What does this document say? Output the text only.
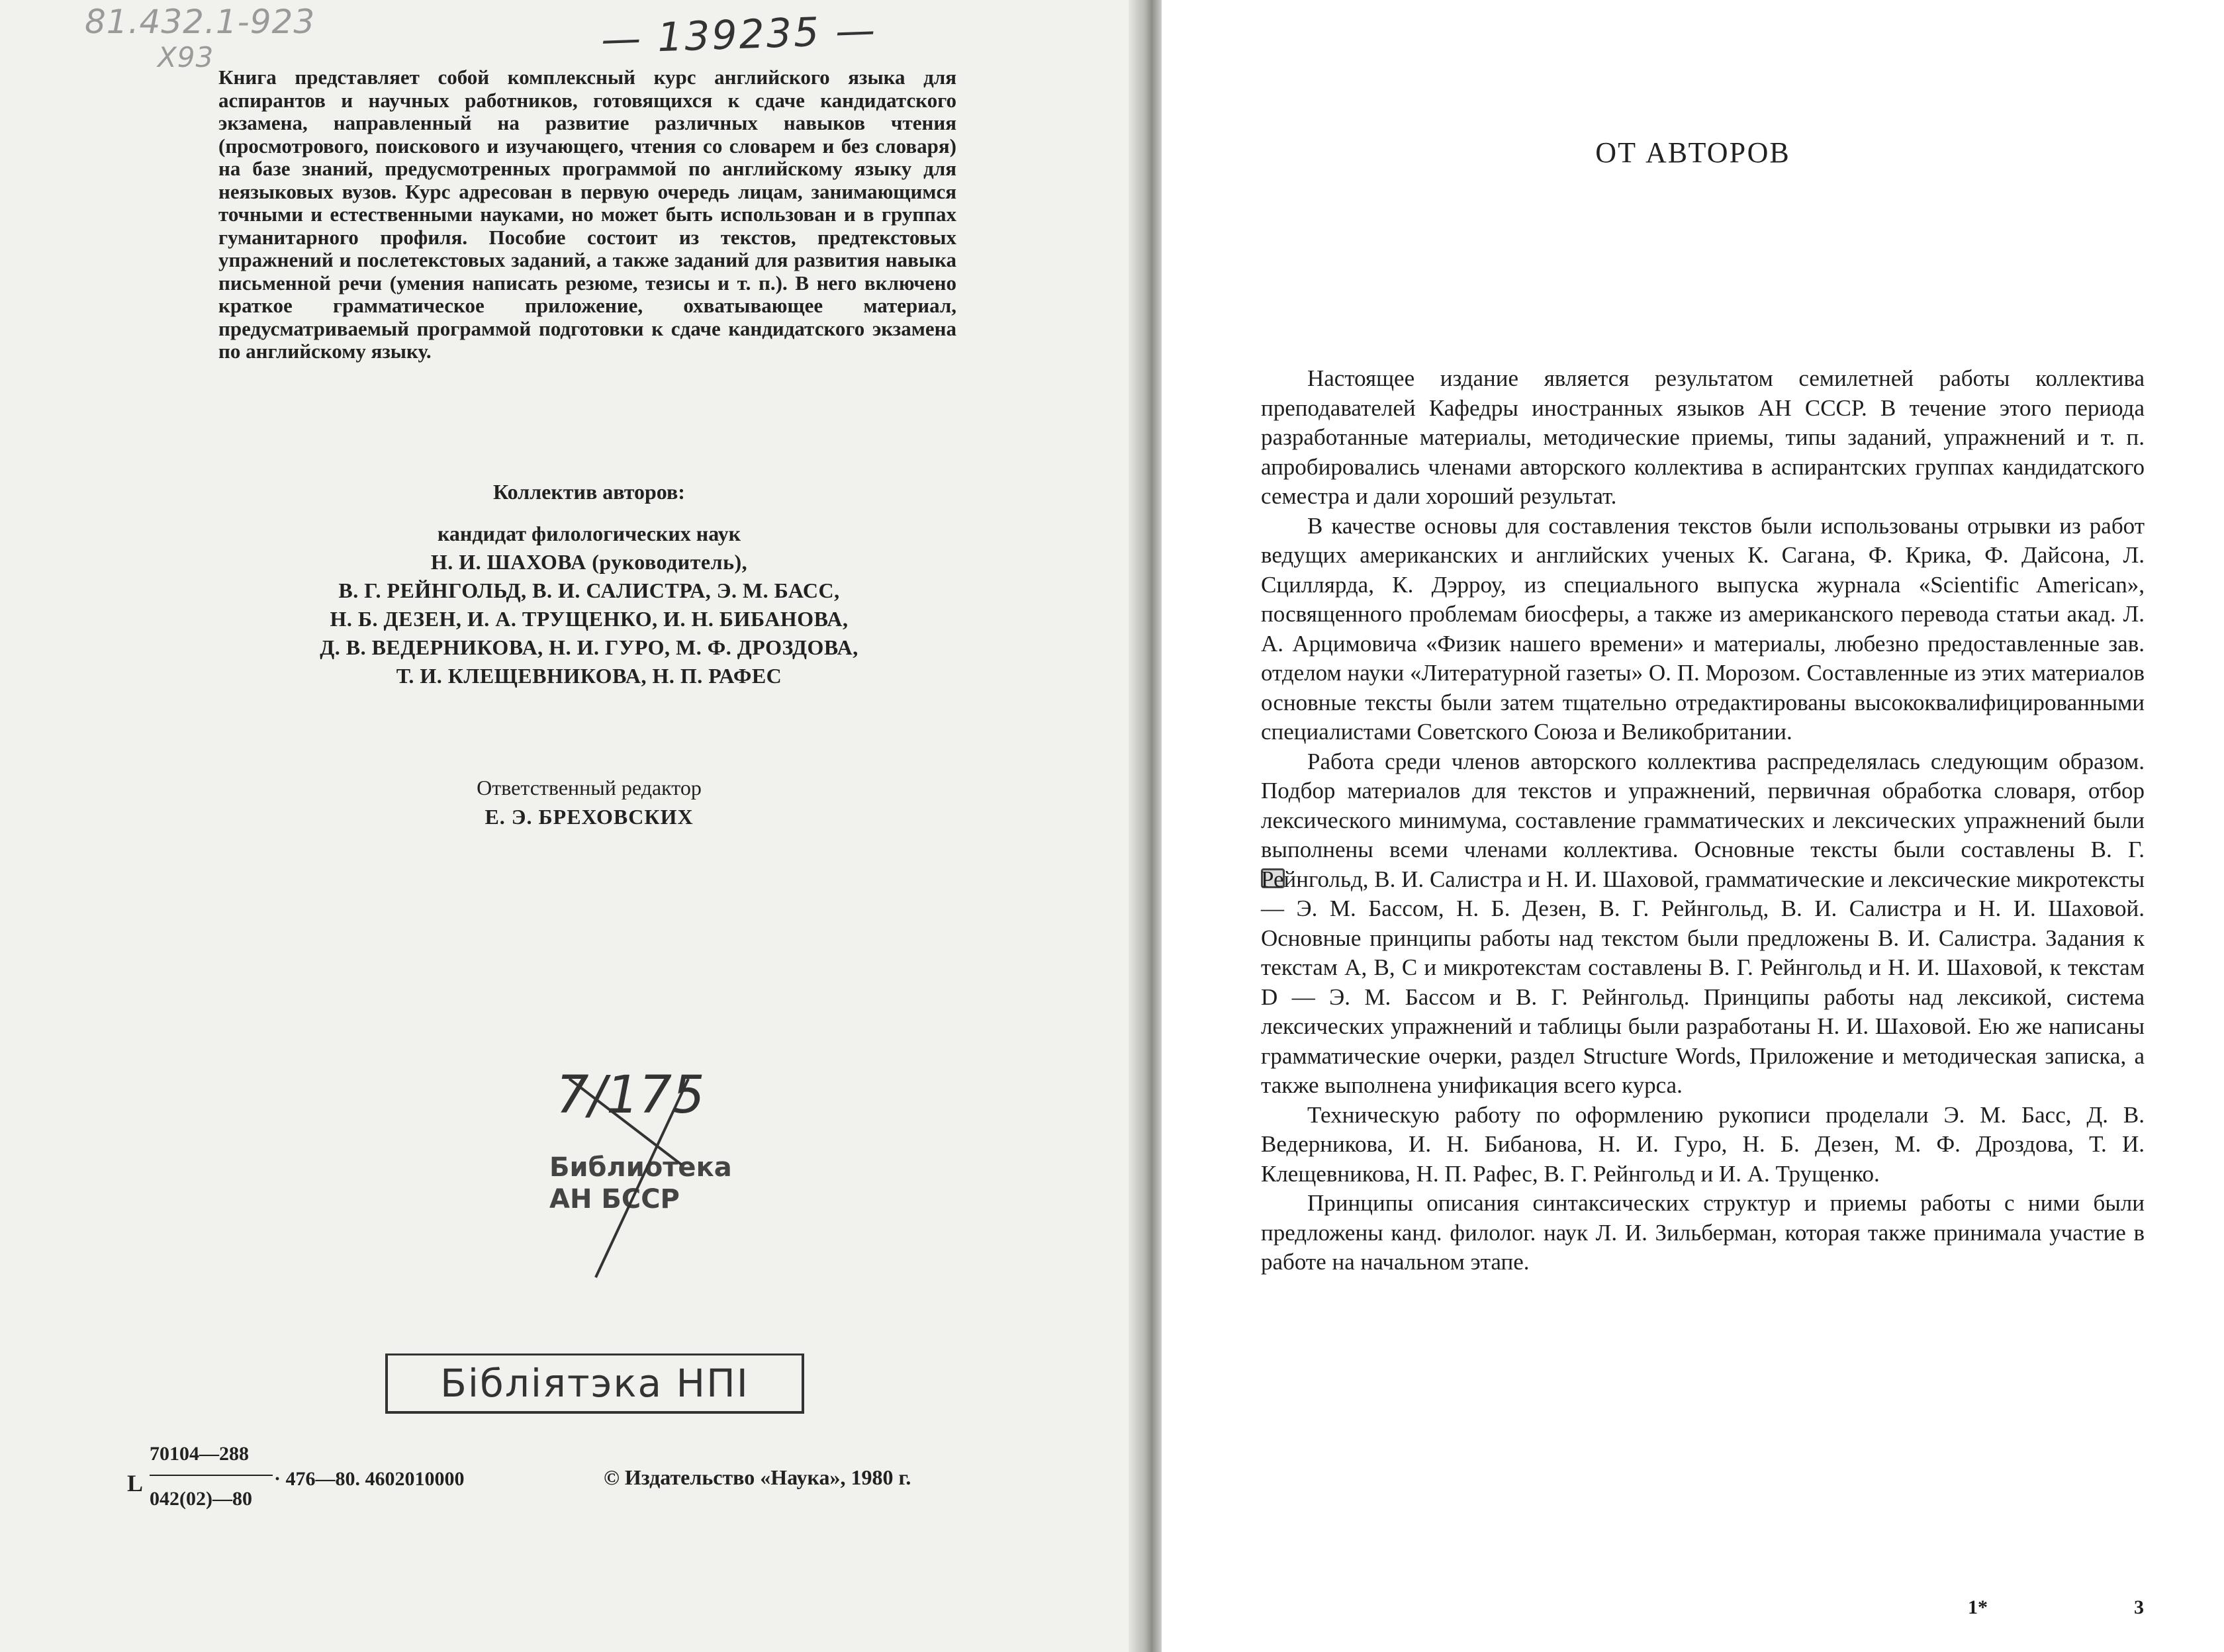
81.432.1-923
X93	— 139235 —
Книга представляет собой комплексный курс английского языка для аспирантов и научных работников, готовящихся к сдаче кандидатского экзамена, направленный на развитие различных навыков чтения (просмотрового, поискового и изучающего, чтения со словарем и без словаря) на базе знаний, предусмотренных программой по английскому языку для неязыковых вузов. Курс адресован в первую очередь лицам, занимающимся точными и естественными науками, но может быть использован и в группах гуманитарного профиля. Пособие состоит из текстов, предтекстовых упражнений и послетекстовых заданий, а также заданий для развития навыка письменной речи (умения написать резюме, тезисы и т. п.). В него включено краткое грамматическое приложение, охватывающее материал, предусматриваемый программой подготовки к сдаче кандидатского экзамена по английскому языку.
Коллектив авторов:
кандидат филологических наук
Н. И. ШАХОВА (руководитель),
В. Г. РЕЙНГОЛЬД, В. И. САЛИСТРА, Э. М. БАСС,
Н. Б. ДЕЗЕН, И. А. ТРУЩЕНКО, И. Н. БИБАНОВА,
Д. В. ВЕДЕРНИКОВА, Н. И. ГУРО, М. Ф. ДРОЗДОВА,
Т. И. КЛЕЩЕВНИКОВА, Н. П. РАФЕС
Ответственный редактор
Е. Э. БРЕХОВСКИХ
7/175
Библиотека
АН БССР
Бібліятэка НПІ
L
70104—288
042(02)—80
· 476—80. 4602010000	© Издательство «Наука», 1980 г.
ОТ АВТОРОВ

Настоящее издание является результатом семилетней работы коллектива преподавателей Кафедры иностранных языков АН СССР. В течение этого периода разработанные материалы, методические приемы, типы заданий, упражнений и т. п. апробировались членами авторского коллектива в аспирантских группах кандидатского семестра и дали хороший результат.

В качестве основы для составления текстов были использованы отрывки из работ ведущих американских и английских ученых К. Сагана, Ф. Крика, Ф. Дайсона, Л. Сциллярда, К. Дэрроу, из специального выпуска журнала «Scientific American», посвященного проблемам биосферы, а также из американского перевода статьи акад. Л. А. Арцимовича «Физик нашего времени» и материалы, любезно предоставленные зав. отделом науки «Литературной газеты» О. П. Морозом. Составленные из этих материалов основные тексты были затем тщательно отредактированы высококвалифицированными специалистами Советского Союза и Великобритании.

Работа среди членов авторского коллектива распределялась следующим образом. Подбор материалов для текстов и упражнений, первичная обработка словаря, отбор лексического минимума, составление грамматических и лексических упражнений были выполнены всеми членами коллектива. Основные тексты были составлены В. Г. Рейнгольд, В. И. Салистра и Н. И. Шаховой, грамматические и лексические микротексты — Э. М. Бассом, Н. Б. Дезен, В. Г. Рейнгольд, В. И. Салистра и Н. И. Шаховой. Основные принципы работы над текстом были предложены В. И. Салистра. Задания к текстам А, В, С и микротекстам составлены В. Г. Рейнгольд и Н. И. Шаховой, к текстам D — Э. М. Бассом и В. Г. Рейнгольд. Принципы работы над лексикой, система лексических упражнений и таблицы были разработаны Н. И. Шаховой. Ею же написаны грамматические очерки, раздел Structure Words, Приложение и методическая записка, а также выполнена унификация всего курса.

Техническую работу по оформлению рукописи проделали Э. М. Басс, Д. В. Ведерникова, И. Н. Бибанова, Н. И. Гуро, Н. Б. Дезен, М. Ф. Дроздова, Т. И. Клещевникова, Н. П. Рафес, В. Г. Рейнгольд и И. А. Трущенко.

Принципы описания синтаксических структур и приемы работы с ними были предложены канд. филолог. наук Л. И. Зильберман, которая также принимала участие в работе на начальном этапе.

1*	3
